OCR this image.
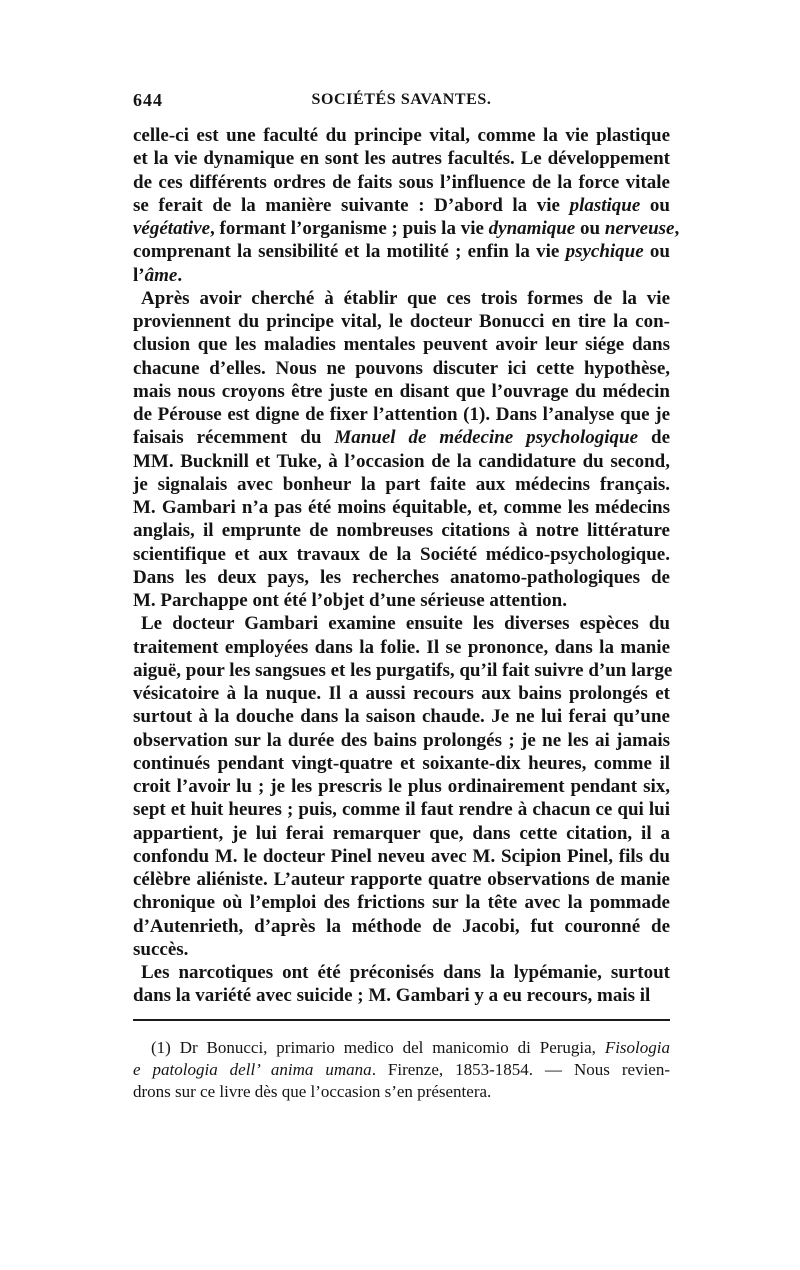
644	SOCIÉTÉS SAVANTES.
celle-ci est une faculté du principe vital, comme la vie plastique
et la vie dynamique en sont les autres facultés. Le développement
de ces différents ordres de faits sous l’influence de la force vitale
se ferait de la manière suivante : D’abord la vie plastique ou
végétative, formant l’organisme ; puis la vie dynamique ou nerveuse,
comprenant la sensibilité et la motilité ; enfin la vie psychique ou
l’âme.
Après avoir cherché à établir que ces trois formes de la vie
proviennent du principe vital, le docteur Bonucci en tire la con-
clusion que les maladies mentales peuvent avoir leur siége dans
chacune d’elles. Nous ne pouvons discuter ici cette hypothèse,
mais nous croyons être juste en disant que l’ouvrage du médecin
de Pérouse est digne de fixer l’attention (1). Dans l’analyse que je
faisais récemment du Manuel de médecine psychologique de
MM. Bucknill et Tuke, à l’occasion de la candidature du second,
je signalais avec bonheur la part faite aux médecins français.
M. Gambari n’a pas été moins équitable, et, comme les médecins
anglais, il emprunte de nombreuses citations à notre littérature
scientifique et aux travaux de la Société médico-psychologique.
Dans les deux pays, les recherches anatomo-pathologiques de
M. Parchappe ont été l’objet d’une sérieuse attention.
Le docteur Gambari examine ensuite les diverses espèces du
traitement employées dans la folie. Il se prononce, dans la manie
aiguë, pour les sangsues et les purgatifs, qu’il fait suivre d’un large
vésicatoire à la nuque. Il a aussi recours aux bains prolongés et
surtout à la douche dans la saison chaude. Je ne lui ferai qu’une
observation sur la durée des bains prolongés ; je ne les ai jamais
continués pendant vingt-quatre et soixante-dix heures, comme il
croit l’avoir lu ; je les prescris le plus ordinairement pendant six,
sept et huit heures ; puis, comme il faut rendre à chacun ce qui lui
appartient, je lui ferai remarquer que, dans cette citation, il a
confondu M. le docteur Pinel neveu avec M. Scipion Pinel, fils du
célèbre aliéniste. L’auteur rapporte quatre observations de manie
chronique où l’emploi des frictions sur la tête avec la pommade
d’Autenrieth, d’après la méthode de Jacobi, fut couronné de
succès.
Les narcotiques ont été préconisés dans la lypémanie, surtout
dans la variété avec suicide ; M. Gambari y a eu recours, mais il
(1) Dr Bonucci, primario medico del manicomio di Perugia, Fisologia
e patologia dell’ anima umana. Firenze, 1853-1854. — Nous revien-
drons sur ce livre dès que l’occasion s’en présentera.
